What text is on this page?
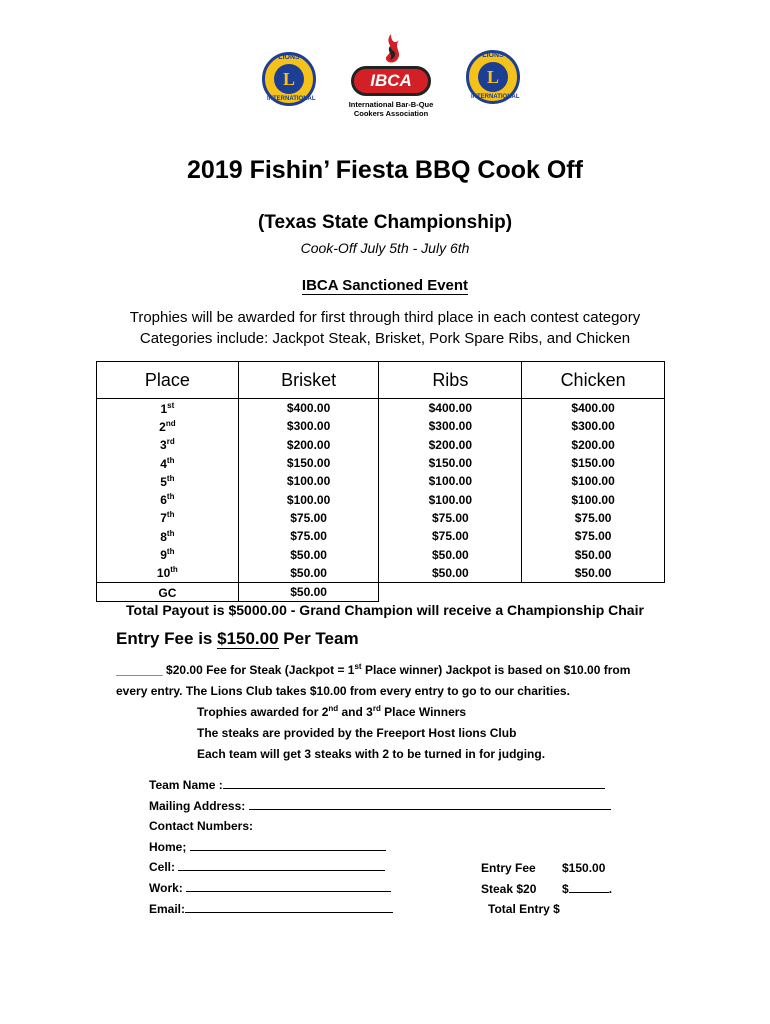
LIONS
L
INTERNATIONAL
IBCA
International Bar-B-Que
Cookers Association
LIONS
L
INTERNATIONAL
2019 Fishin’ Fiesta BBQ Cook Off
(Texas State Championship)
Cook-Off July 5th - July 6th
IBCA Sanctioned Event
Trophies will be awarded for first through third place in each contest category
Categories include: Jackpot Steak, Brisket, Pork Spare Ribs, and Chicken
Place	Brisket	Ribs	Chicken
1st	$400.00	$400.00	$400.00
2nd	$300.00	$300.00	$300.00
3rd	$200.00	$200.00	$200.00
4th	$150.00	$150.00	$150.00
5th	$100.00	$100.00	$100.00
6th	$100.00	$100.00	$100.00
7th	$75.00	$75.00	$75.00
8th	$75.00	$75.00	$75.00
9th	$50.00	$50.00	$50.00
10th	$50.00	$50.00	$50.00
GC	$50.00		
Total Payout is $5000.00 - Grand Champion will receive a Championship Chair
Entry Fee is $150.00 Per Team
_______ $20.00 Fee for Steak (Jackpot = 1st Place winner) Jackpot is based on $10.00 from
every entry. The Lions Club takes $10.00 from every entry to go to our charities.
Trophies awarded for 2nd and 3rd Place Winners
The steaks are provided by the Freeport Host lions Club
Each team will get 3 steaks with 2 to be turned in for judging.
Team Name :
Mailing Address:
Contact Numbers:
Home;
Cell:
Work:
Email:
Entry Fee $150.00
Steak $20 $	.
Total Entry $
